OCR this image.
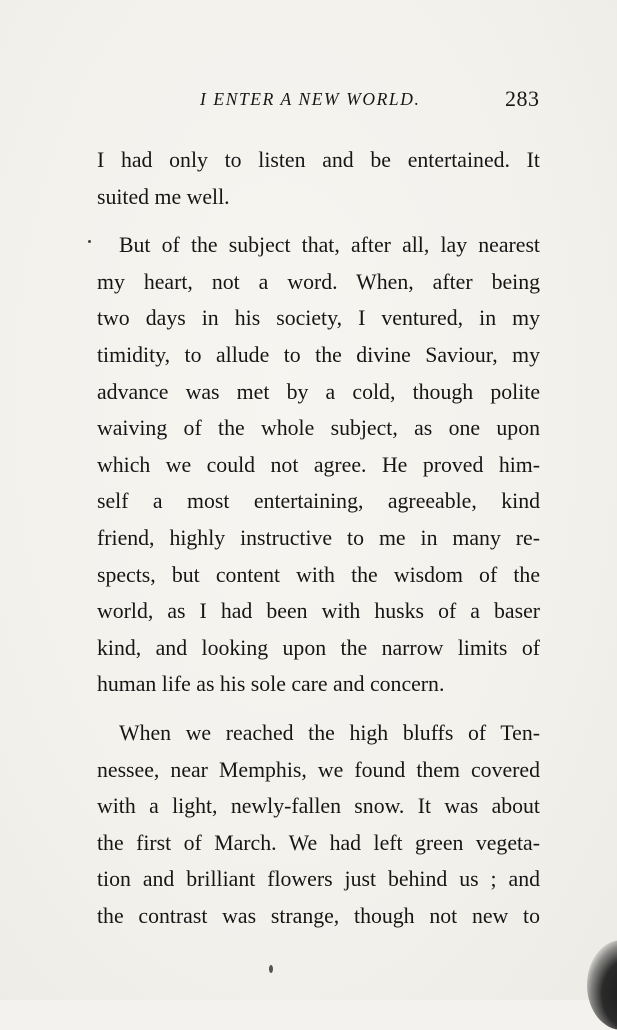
I ENTER A NEW WORLD.	283
I had only to listen and be entertained. It
suited me well.
But of the subject that, after all, lay nearest
my heart, not a word. When, after being
two days in his society, I ventured, in my
timidity, to allude to the divine Saviour, my
advance was met by a cold, though polite
waiving of the whole subject, as one upon
which we could not agree. He proved him-
self a most entertaining, agreeable, kind
friend, highly instructive to me in many re-
spects, but content with the wisdom of the
world, as I had been with husks of a baser
kind, and looking upon the narrow limits of
human life as his sole care and concern.
When we reached the high bluffs of Ten-
nessee, near Memphis, we found them covered
with a light, newly-fallen snow. It was about
the first of March. We had left green vegeta-
tion and brilliant flowers just behind us ; and
the contrast was strange, though not new to
